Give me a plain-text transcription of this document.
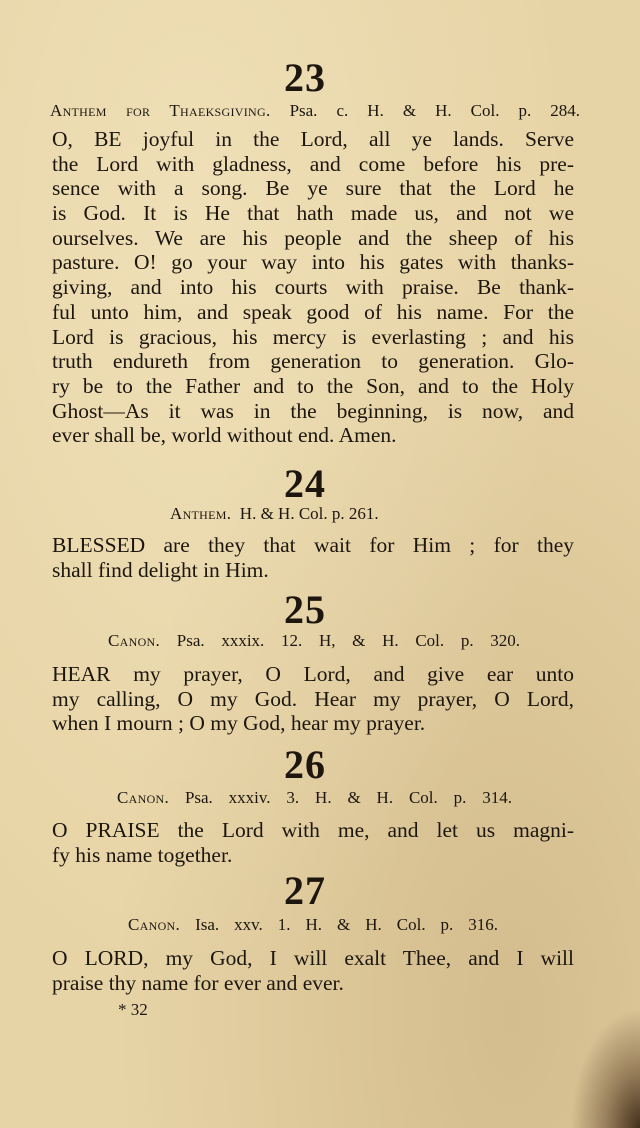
23
Anthem for Thaeksgiving. Psa. c. H. & H. Col. p. 284.
O, BE joyful in the Lord, all ye lands. Serve
the Lord with gladness, and come before his pre-
sence with a song. Be ye sure that the Lord he
is God. It is He that hath made us, and not we
ourselves. We are his people and the sheep of his
pasture. O! go your way into his gates with thanks-
giving, and into his courts with praise. Be thank-
ful unto him, and speak good of his name. For the
Lord is gracious, his mercy is everlasting ; and his
truth endureth from generation to generation. Glo-
ry be to the Father and to the Son, and to the Holy
Ghost—As it was in the beginning, is now, and
ever shall be, world without end. Amen.
24
Anthem. H. & H. Col. p. 261.
BLESSED are they that wait for Him ; for they
shall find delight in Him.
25
Canon. Psa. xxxix. 12. H, & H. Col. p. 320.
HEAR my prayer, O Lord, and give ear unto
my calling, O my God. Hear my prayer, O Lord,
when I mourn ; O my God, hear my prayer.
26
Canon. Psa. xxxiv. 3. H. & H. Col. p. 314.
O PRAISE the Lord with me, and let us magni-
fy his name together.
27
Canon. Isa. xxv. 1. H. & H. Col. p. 316.
O LORD, my God, I will exalt Thee, and I will
praise thy name for ever and ever.
* 32
